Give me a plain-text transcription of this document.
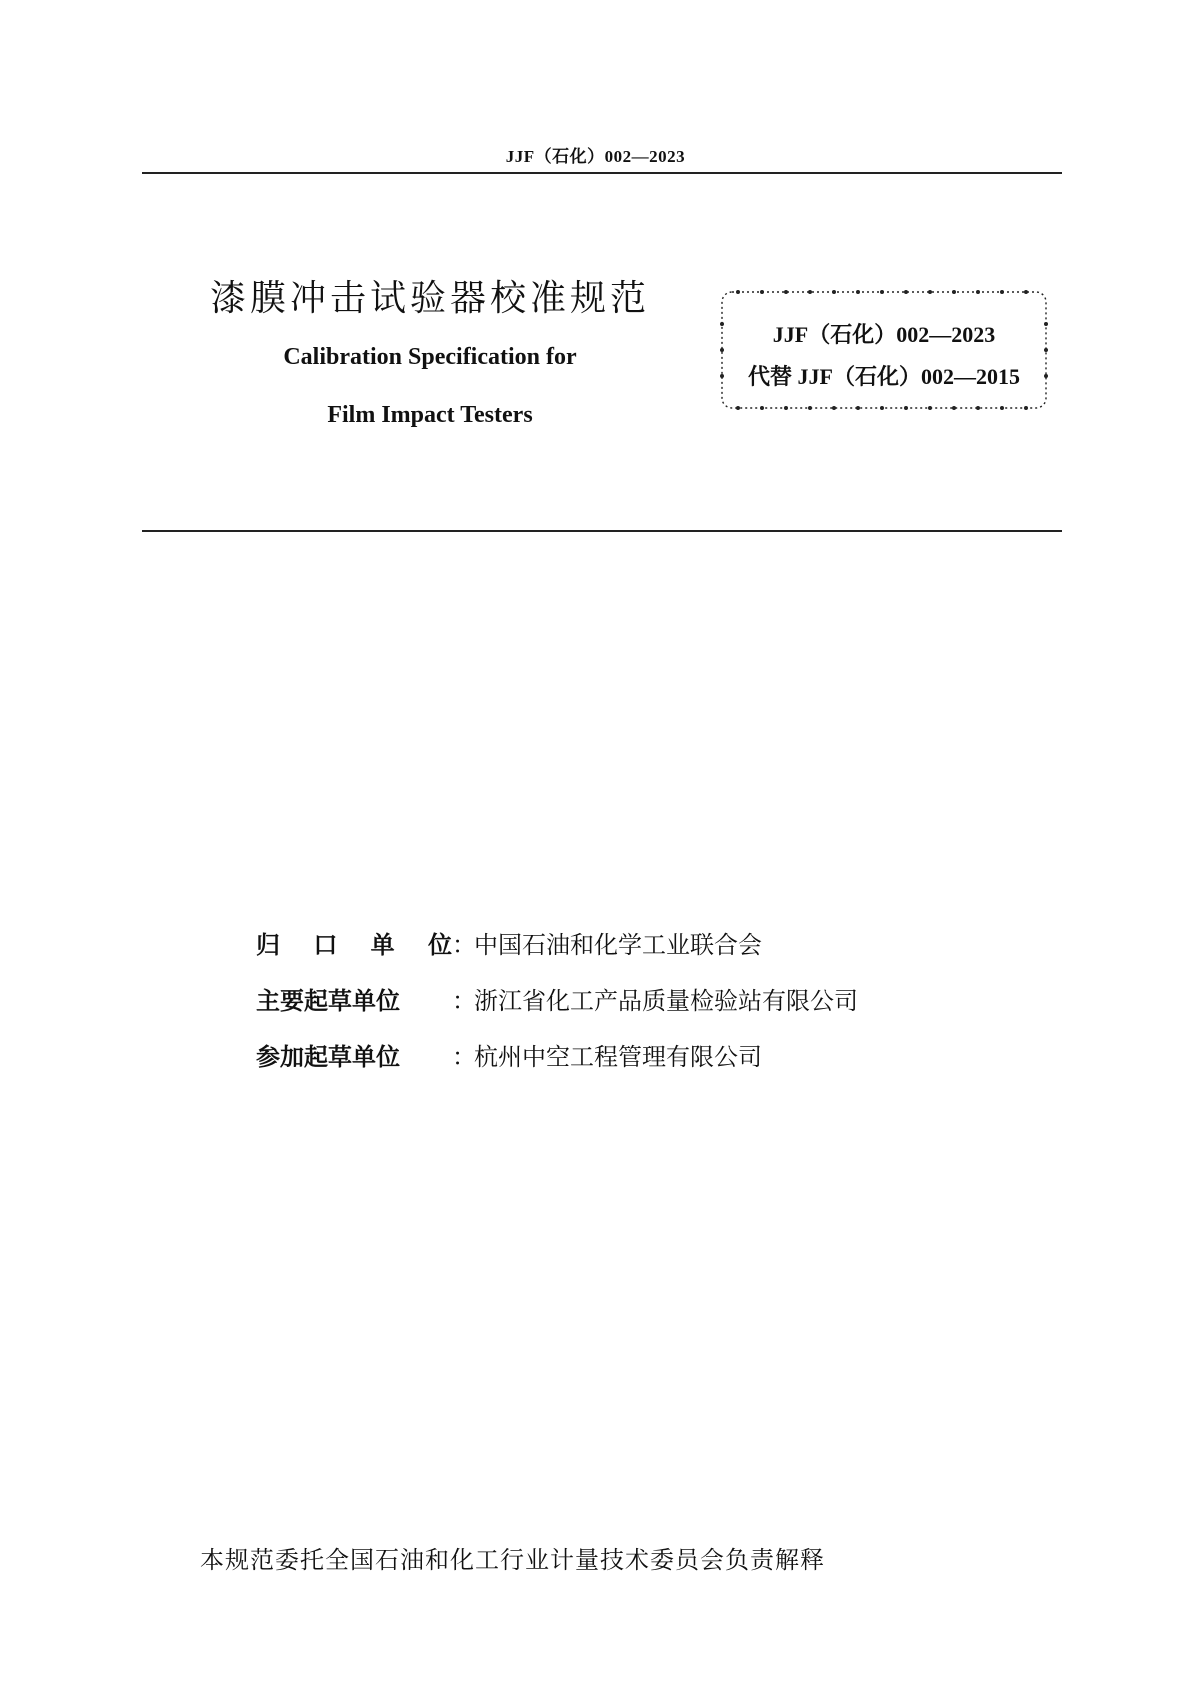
JJF（石化）002—2023
漆膜冲击试验器校准规范
Calibration Specification for
Film Impact Testers
JJF（石化）002—2023
代替 JJF（石化）002—2015
归 口 单 位 ：
中国石油和化学工业联合会
主要起草单位	：
浙江省化工产品质量检验站有限公司
参加起草单位	：
杭州中空工程管理有限公司
本规范委托全国石油和化工行业计量技术委员会负责解释
